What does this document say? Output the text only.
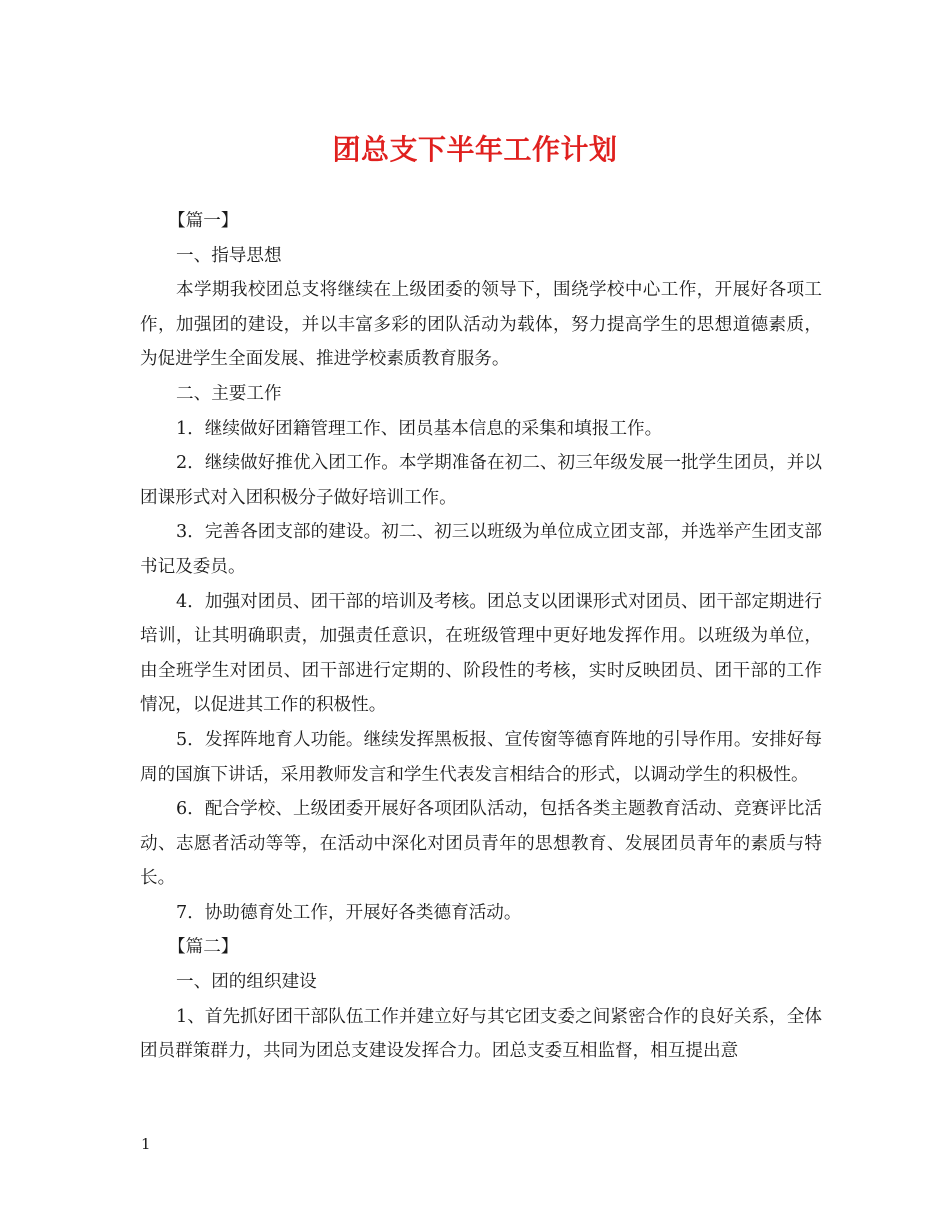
团总支下半年工作计划

【篇一】

一、指导思想

本学期我校团总支将继续在上级团委的领导下，围绕学校中心工作，开展好各项工作，加强团的建设，并以丰富多彩的团队活动为载体，努力提高学生的思想道德素质，为促进学生全面发展、推进学校素质教育服务。

二、主要工作

1．继续做好团籍管理工作、团员基本信息的采集和填报工作。

2．继续做好推优入团工作。本学期准备在初二、初三年级发展一批学生团员，并以团课形式对入团积极分子做好培训工作。

3．完善各团支部的建设。初二、初三以班级为单位成立团支部，并选举产生团支部书记及委员。

4．加强对团员、团干部的培训及考核。团总支以团课形式对团员、团干部定期进行培训，让其明确职责，加强责任意识，在班级管理中更好地发挥作用。以班级为单位，由全班学生对团员、团干部进行定期的、阶段性的考核，实时反映团员、团干部的工作情况，以促进其工作的积极性。

5．发挥阵地育人功能。继续发挥黑板报、宣传窗等德育阵地的引导作用。安排好每周的国旗下讲话，采用教师发言和学生代表发言相结合的形式，以调动学生的积极性。

6．配合学校、上级团委开展好各项团队活动，包括各类主题教育活动、竞赛评比活动、志愿者活动等等，在活动中深化对团员青年的思想教育、发展团员青年的素质与特长。

7．协助德育处工作，开展好各类德育活动。

【篇二】

一、团的组织建设

1、首先抓好团干部队伍工作并建立好与其它团支委之间紧密合作的良好关系，全体团员群策群力，共同为团总支建设发挥合力。团总支委互相监督，相互提出意

1
